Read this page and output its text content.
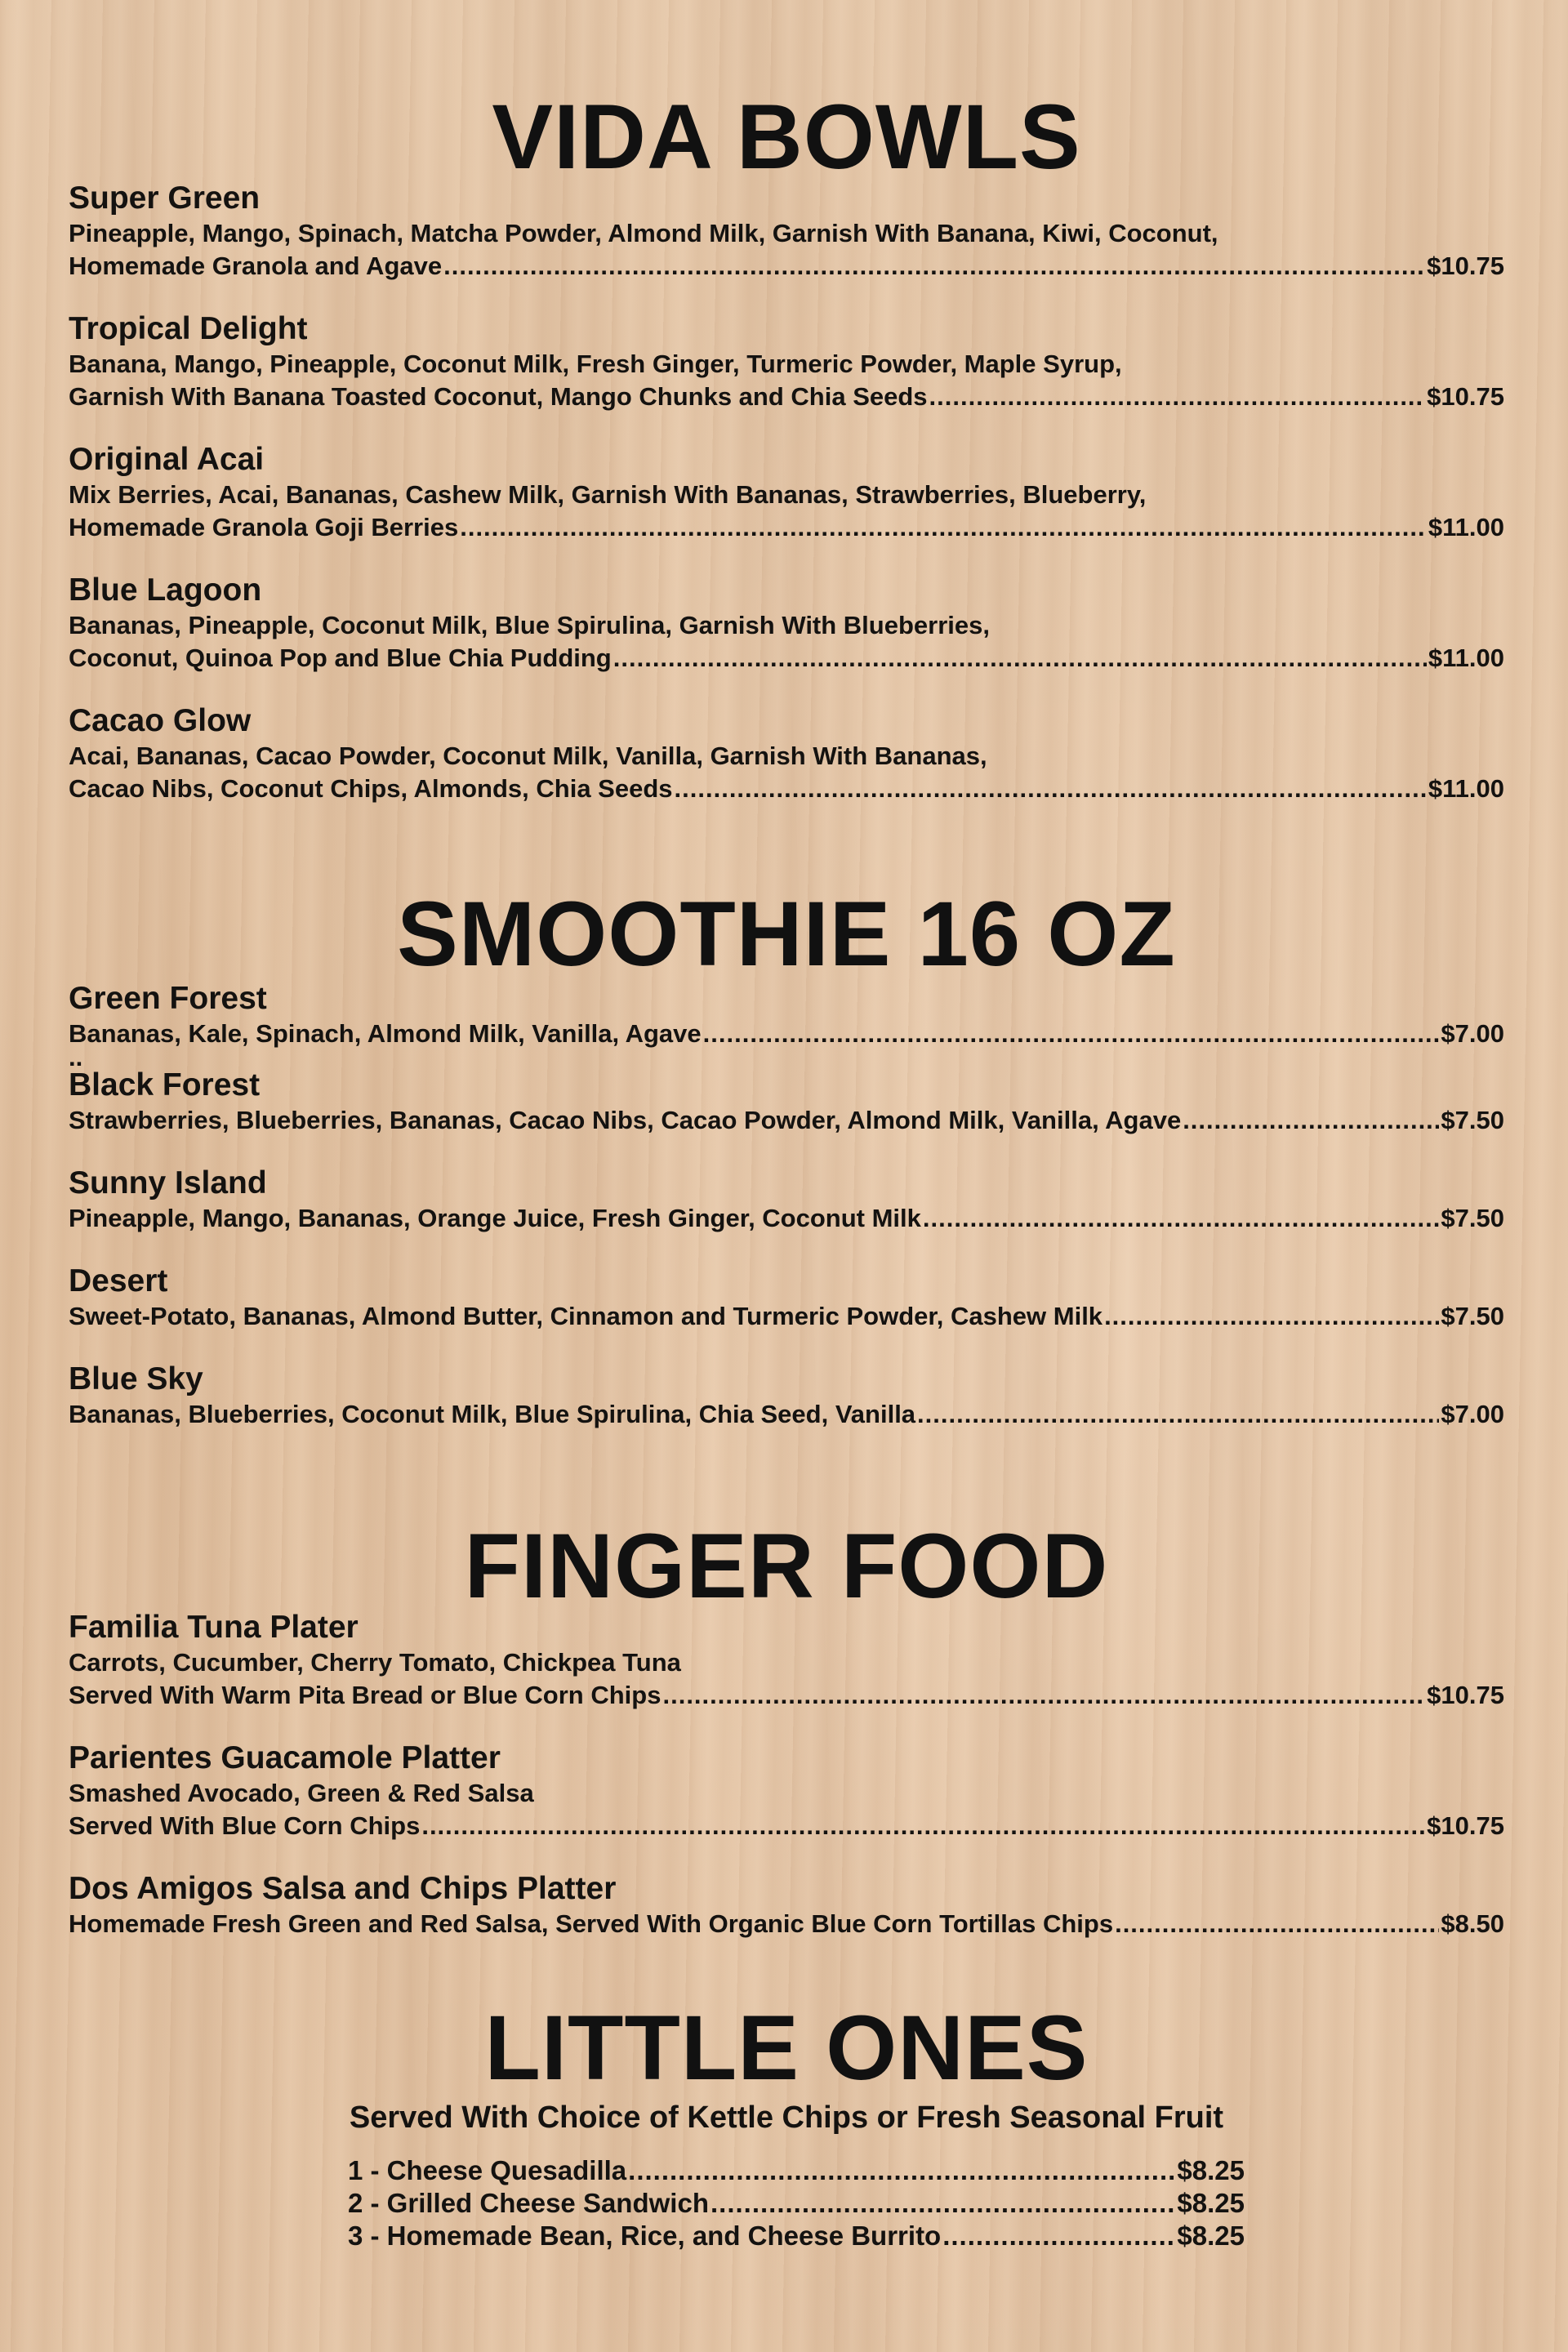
VIDA BOWLS

Super Green

Pineapple, Mango, Spinach, Matcha Powder, Almond Milk, Garnish With Banana, Kiwi, Coconut,

Homemade Granola and Agave .....	$10.75

Tropical Delight

Banana, Mango, Pineapple, Coconut Milk, Fresh Ginger, Turmeric Powder, Maple Syrup,

Garnish With Banana Toasted Coconut, Mango Chunks and Chia Seeds .....	$10.75

Original Acai

Mix Berries, Acai, Bananas, Cashew Milk, Garnish With Bananas, Strawberries, Blueberry,

Homemade Granola Goji Berries .....	$11.00

Blue Lagoon

Bananas, Pineapple, Coconut Milk, Blue Spirulina, Garnish With Blueberries,

Coconut, Quinoa Pop and Blue Chia Pudding .....	$11.00

Cacao Glow

Acai, Bananas, Cacao Powder, Coconut Milk, Vanilla, Garnish With Bananas,

Cacao Nibs, Coconut Chips, Almonds, Chia Seeds .....	$11.00
SMOOTHIE 16 OZ

Green Forest

Bananas, Kale, Spinach, Almond Milk, Vanilla, Agave .....	$7.00

..

Black Forest

Strawberries, Blueberries, Bananas, Cacao Nibs, Cacao Powder, Almond Milk, Vanilla, Agave .....	$7.50

Sunny Island

Pineapple, Mango, Bananas, Orange Juice, Fresh Ginger, Coconut Milk .....	$7.50

Desert

Sweet-Potato, Bananas, Almond Butter, Cinnamon and Turmeric Powder, Cashew Milk .....	$7.50

Blue Sky

Bananas, Blueberries, Coconut Milk, Blue Spirulina, Chia Seed, Vanilla .....	$7.00
FINGER FOOD

Familia Tuna Plater

Carrots, Cucumber, Cherry Tomato, Chickpea Tuna

Served With Warm Pita Bread or Blue Corn Chips .....	$10.75

Parientes Guacamole Platter

Smashed Avocado, Green & Red Salsa

Served With Blue Corn Chips .....	$10.75

Dos Amigos Salsa and Chips Platter

Homemade Fresh Green and Red Salsa, Served With Organic Blue Corn Tortillas Chips .....	$8.50
LITTLE ONES

Served With Choice of Kettle Chips or Fresh Seasonal Fruit

1 - Cheese Quesadilla .....	$8.25
2 - Grilled Cheese Sandwich .....	$8.25
3 - Homemade Bean, Rice, and Cheese Burrito .....	$8.25
